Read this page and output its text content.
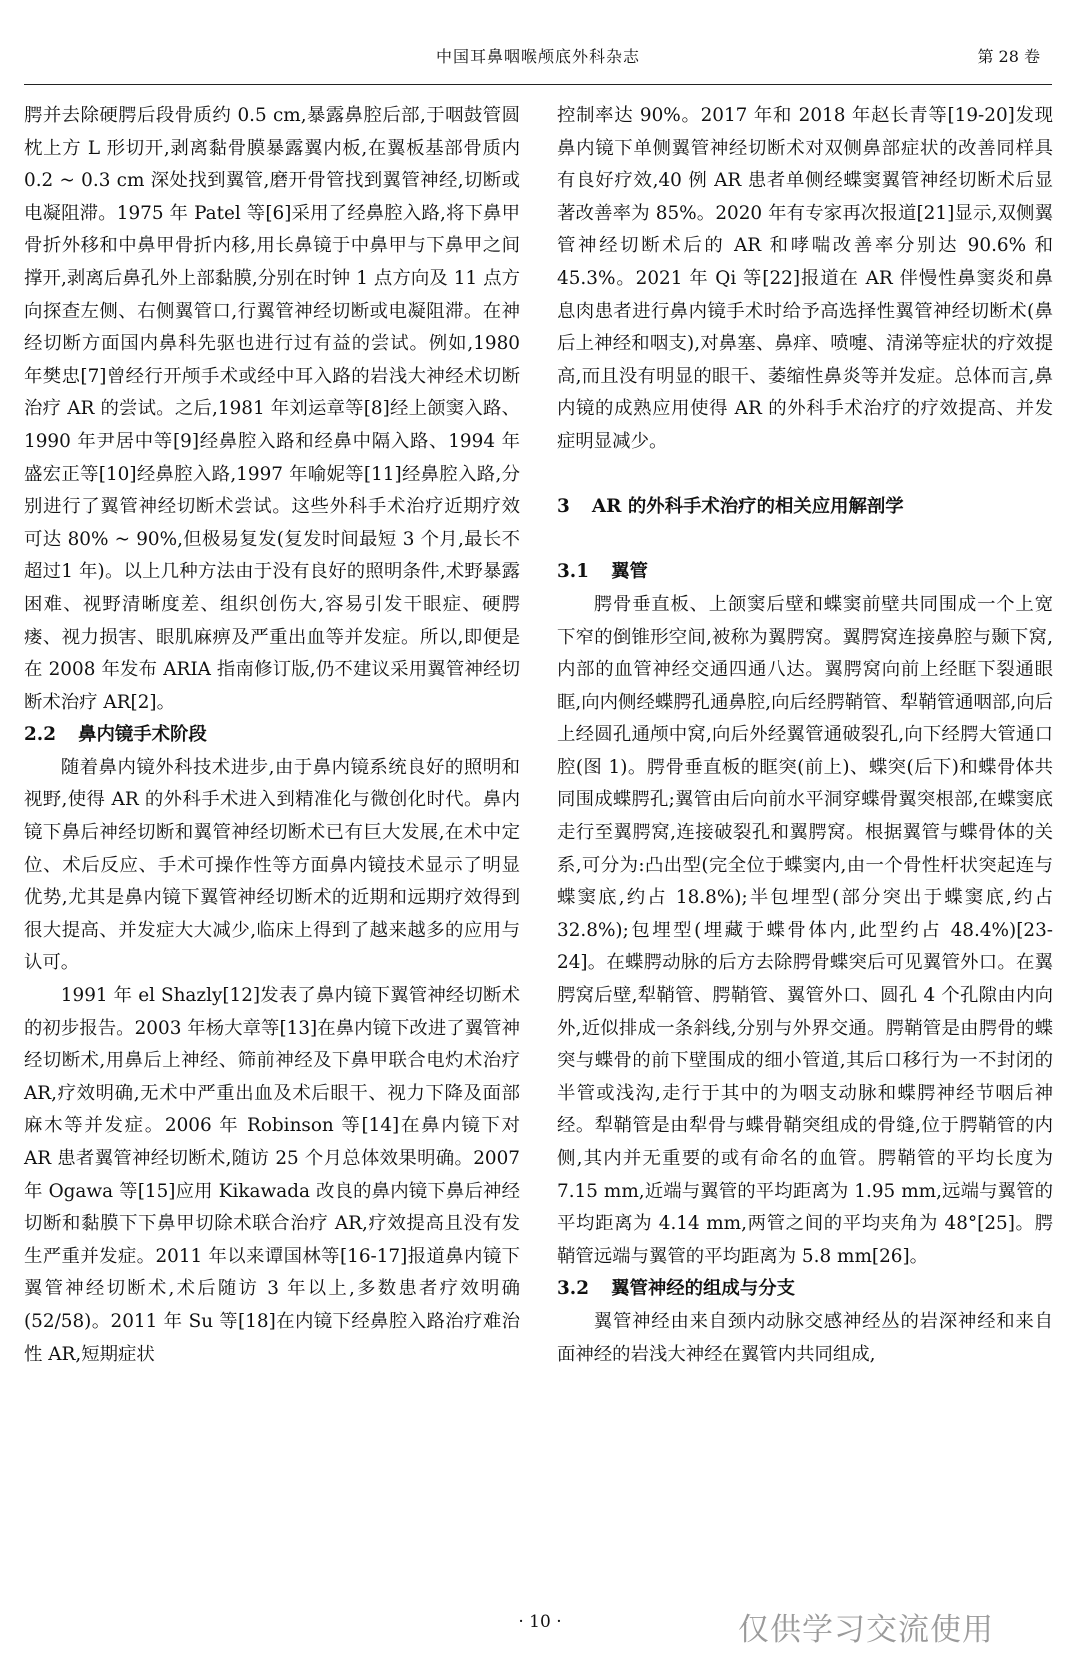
中国耳鼻咽喉颅底外科杂志	第 28 卷

腭并去除硬腭后段骨质约 0.5 cm,暴露鼻腔后部,于咽鼓管圆枕上方 L 形切开,剥离黏骨膜暴露翼内板,在翼板基部骨质内 0.2 ~ 0.3 cm 深处找到翼管,磨开骨管找到翼管神经,切断或电凝阻滞。1975 年 Patel 等[6]采用了经鼻腔入路,将下鼻甲骨折外移和中鼻甲骨折内移,用长鼻镜于中鼻甲与下鼻甲之间撑开,剥离后鼻孔外上部黏膜,分别在时钟 1 点方向及 11 点方向探查左侧、右侧翼管口,行翼管神经切断或电凝阻滞。在神经切断方面国内鼻科先驱也进行过有益的尝试。例如,1980 年樊忠[7]曾经行开颅手术或经中耳入路的岩浅大神经术切断治疗 AR 的尝试。之后,1981 年刘运章等[8]经上颌窦入路、1990 年尹居中等[9]经鼻腔入路和经鼻中隔入路、1994 年盛宏正等[10]经鼻腔入路,1997 年喻妮等[11]经鼻腔入路,分别进行了翼管神经切断术尝试。这些外科手术治疗近期疗效可达 80% ~ 90%,但极易复发(复发时间最短 3 个月,最长不超过1 年)。以上几种方法由于没有良好的照明条件,术野暴露困难、视野清晰度差、组织创伤大,容易引发干眼症、硬腭瘘、视力损害、眼肌麻痹及严重出血等并发症。所以,即便是在 2008 年发布 ARIA 指南修订版,仍不建议采用翼管神经切断术治疗 AR[2]。

2.2 鼻内镜手术阶段

随着鼻内镜外科技术进步,由于鼻内镜系统良好的照明和视野,使得 AR 的外科手术进入到精准化与微创化时代。鼻内镜下鼻后神经切断和翼管神经切断术已有巨大发展,在术中定位、术后反应、手术可操作性等方面鼻内镜技术显示了明显优势,尤其是鼻内镜下翼管神经切断术的近期和远期疗效得到很大提高、并发症大大减少,临床上得到了越来越多的应用与认可。

1991 年 el Shazly[12]发表了鼻内镜下翼管神经切断术的初步报告。2003 年杨大章等[13]在鼻内镜下改进了翼管神经切断术,用鼻后上神经、筛前神经及下鼻甲联合电灼术治疗 AR,疗效明确,无术中严重出血及术后眼干、视力下降及面部麻木等并发症。2006 年 Robinson 等[14]在鼻内镜下对 AR 患者翼管神经切断术,随访 25 个月总体效果明确。2007 年 Ogawa 等[15]应用 Kikawada 改良的鼻内镜下鼻后神经切断和黏膜下下鼻甲切除术联合治疗 AR,疗效提高且没有发生严重并发症。2011 年以来谭国林等[16-17]报道鼻内镜下翼管神经切断术,术后随访 3 年以上,多数患者疗效明确(52/58)。2011 年 Su 等[18]在内镜下经鼻腔入路治疗难治性 AR,短期症状

控制率达 90%。2017 年和 2018 年赵长青等[19-20]发现鼻内镜下单侧翼管神经切断术对双侧鼻部症状的改善同样具有良好疗效,40 例 AR 患者单侧经蝶窦翼管神经切断术后显著改善率为 85%。2020 年有专家再次报道[21]显示,双侧翼管神经切断术后的 AR 和哮喘改善率分别达 90.6% 和 45.3%。2021 年 Qi 等[22]报道在 AR 伴慢性鼻窦炎和鼻息肉患者进行鼻内镜手术时给予高选择性翼管神经切断术(鼻后上神经和咽支),对鼻塞、鼻痒、喷嚏、清涕等症状的疗效提高,而且没有明显的眼干、萎缩性鼻炎等并发症。总体而言,鼻内镜的成熟应用使得 AR 的外科手术治疗的疗效提高、并发症明显减少。

3 AR 的外科手术治疗的相关应用解剖学
3.1 翼管

腭骨垂直板、上颌窦后壁和蝶窦前壁共同围成一个上宽下窄的倒锥形空间,被称为翼腭窝。翼腭窝连接鼻腔与颞下窝,内部的血管神经交通四通八达。翼腭窝向前上经眶下裂通眼眶,向内侧经蝶腭孔通鼻腔,向后经腭鞘管、犁鞘管通咽部,向后上经圆孔通颅中窝,向后外经翼管通破裂孔,向下经腭大管通口腔(图 1)。腭骨垂直板的眶突(前上)、蝶突(后下)和蝶骨体共同围成蝶腭孔;翼管由后向前水平洞穿蝶骨翼突根部,在蝶窦底走行至翼腭窝,连接破裂孔和翼腭窝。根据翼管与蝶骨体的关系,可分为:凸出型(完全位于蝶窦内,由一个骨性杆状突起连与蝶窦底,约占 18.8%);半包埋型(部分突出于蝶窦底,约占 32.8%);包埋型(埋藏于蝶骨体内,此型约占 48.4%)[23-24]。在蝶腭动脉的后方去除腭骨蝶突后可见翼管外口。在翼腭窝后壁,犁鞘管、腭鞘管、翼管外口、圆孔 4 个孔隙由内向外,近似排成一条斜线,分别与外界交通。腭鞘管是由腭骨的蝶突与蝶骨的前下壁围成的细小管道,其后口移行为一不封闭的半管或浅沟,走行于其中的为咽支动脉和蝶腭神经节咽后神经。犁鞘管是由犁骨与蝶骨鞘突组成的骨缝,位于腭鞘管的内侧,其内并无重要的或有命名的血管。腭鞘管的平均长度为 7.15 mm,近端与翼管的平均距离为 1.95 mm,远端与翼管的平均距离为 4.14 mm,两管之间的平均夹角为 48°[25]。腭鞘管远端与翼管的平均距离为 5.8 mm[26]。

3.2 翼管神经的组成与分支

翼管神经由来自颈内动脉交感神经丛的岩深神经和来自面神经的岩浅大神经在翼管内共同组成,

· 10 ·	仅供学习交流使用
